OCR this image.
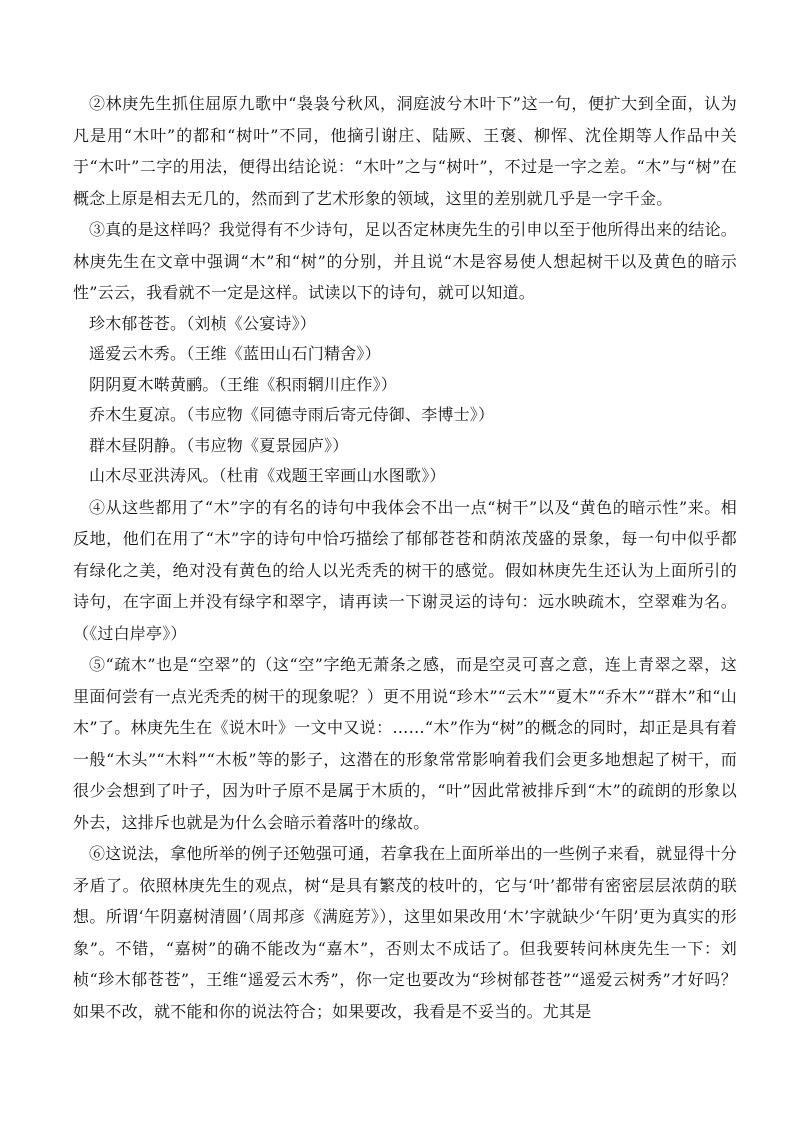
②林庚先生抓住屈原九歌中“袅袅兮秋风，洞庭波兮木叶下”这一句，便扩大到全面，认为凡是用“木叶”的都和“树叶”不同，他摘引谢庄、陆厥、王褒、柳恽、沈佺期等人作品中关于“木叶”二字的用法，便得出结论说：“木叶”之与“树叶”，不过是一字之差。“木”与“树”在概念上原是相去无几的，然而到了艺术形象的领域，这里的差别就几乎是一字千金。

③真的是这样吗？我觉得有不少诗句，足以否定林庚先生的引申以至于他所得出来的结论。林庚先生在文章中强调“木”和“树”的分别，并且说“木是容易使人想起树干以及黄色的暗示性”云云，我看就不一定是这样。试读以下的诗句，就可以知道。

珍木郁苍苍。（刘桢《公宴诗》）

遥爱云木秀。（王维《蓝田山石门精舍》）

阴阴夏木啭黄鹂。（王维《积雨辋川庄作》）

乔木生夏凉。（韦应物《同德寺雨后寄元侍御、李博士》）

群木昼阴静。（韦应物《夏景园庐》）

山木尽亚洪涛风。（杜甫《戏题王宰画山水图歌》）

④从这些都用了“木”字的有名的诗句中我体会不出一点“树干”以及“黄色的暗示性”来。相反地，他们在用了“木”字的诗句中恰巧描绘了郁郁苍苍和荫浓茂盛的景象，每一句中似乎都有绿化之美，绝对没有黄色的给人以光秃秃的树干的感觉。假如林庚先生还认为上面所引的诗句，在字面上并没有绿字和翠字，请再读一下谢灵运的诗句：远水映疏木，空翠难为名。（《过白岸亭》）

⑤“疏木”也是“空翠”的（这“空”字绝无萧条之感，而是空灵可喜之意，连上青翠之翠，这里面何尝有一点光秃秃的树干的现象呢？）更不用说“珍木”“云木”“夏木”“乔木”“群木”和“山木”了。林庚先生在《说木叶》一文中又说：……“木”作为“树”的概念的同时，却正是具有着一般“木头”“木料”“木板”等的影子，这潜在的形象常常影响着我们会更多地想起了树干，而很少会想到了叶子，因为叶子原不是属于木质的，“叶”因此常被排斥到“木”的疏朗的形象以外去，这排斥也就是为什么会暗示着落叶的缘故。

⑥这说法，拿他所举的例子还勉强可通，若拿我在上面所举出的一些例子来看，就显得十分矛盾了。依照林庚先生的观点，树“是具有繁茂的枝叶的，它与‘叶’都带有密密层层浓荫的联想。所谓‘午阴嘉树清圆’（周邦彦《满庭芳》），这里如果改用‘木’字就缺少‘午阴’更为真实的形象”。不错，“嘉树”的确不能改为“嘉木”，否则太不成话了。但我要转问林庚先生一下：刘桢“珍木郁苍苍”，王维“遥爱云木秀”，你一定也要改为“珍树郁苍苍”“遥爱云树秀”才好吗？如果不改，就不能和你的说法符合；如果要改，我看是不妥当的。尤其是
